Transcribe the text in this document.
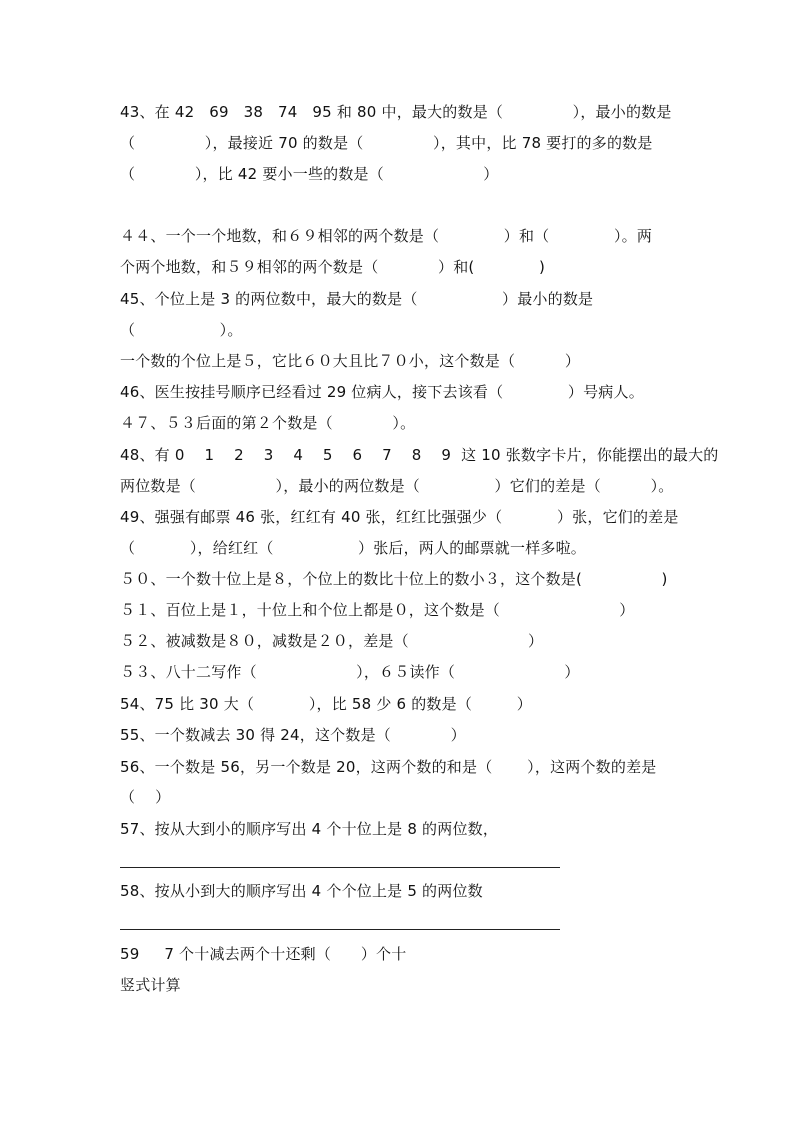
43、在 42   69   38   74   95 和 80 中，最大的数是（              ），最小的数是
（              ），最接近 70 的数是（              ），其中，比 78 要打的多的数是
（            ），比 42 要小一些的数是（                    ）
４４、一个一个地数，和６９相邻的两个数是（             ）和（             ）。两
个两个地数，和５９相邻的两个数是（            ）和(             )
45、个位上是 3 的两位数中，最大的数是（                 ）最小的数是
（                 ）。
一个数的个位上是５，它比６０大且比７０小，这个数是（          ）
46、医生按挂号顺序已经看过 29 位病人，接下去该看（             ）号病人。
４７、５３后面的第２个数是（            ）。
48、有 0    1    2    3    4    5    6    7    8    9  这 10 张数字卡片，你能摆出的最大的
两位数是（                ），最小的两位数是（               ）它们的差是（          ）。
49、强强有邮票 46 张，红红有 40 张，红红比强强少（           ）张，它们的差是
（           ），给红红（                 ）张后，两人的邮票就一样多啦。
５０、一个数十位上是８，个位上的数比十位上的数小３，这个数是(                )
５１、百位上是１，十位上和个位上都是０，这个数是（                        ）
５２、被减数是８０，减数是２０，差是（                        ）
５３、八十二写作（                    ），６５读作（                      ）
54、75 比 30 大（           ），比 58 少 6 的数是（         ）
55、一个数减去 30 得 24，这个数是（            ）
56、一个数是 56，另一个数是 20，这两个数的和是（       ），这两个数的差是
（    ）
57、按从大到小的顺序写出 4 个十位上是 8 的两位数，
58、按从小到大的顺序写出 4 个个位上是 5 的两位数
59     7 个十减去两个十还剩（      ）个十
竖式计算
